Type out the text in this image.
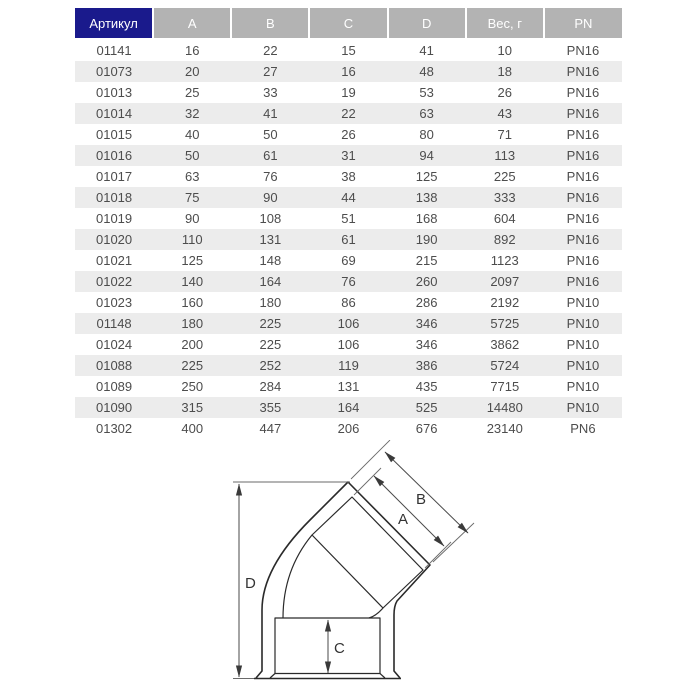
Артикул	A	B	C	D	Вес, г	PN
01141	16	22	15	41	10	PN16
01073	20	27	16	48	18	PN16
01013	25	33	19	53	26	PN16
01014	32	41	22	63	43	PN16
01015	40	50	26	80	71	PN16
01016	50	61	31	94	113	PN16
01017	63	76	38	125	225	PN16
01018	75	90	44	138	333	PN16
01019	90	108	51	168	604	PN16
01020	110	131	61	190	892	PN16
01021	125	148	69	215	1123	PN16
01022	140	164	76	260	2097	PN16
01023	160	180	86	286	2192	PN10
01148	180	225	106	346	5725	PN10
01024	200	225	106	346	3862	PN10
01088	225	252	119	386	5724	PN10
01089	250	284	131	435	7715	PN10
01090	315	355	164	525	14480	PN10
01302	400	447	206	676	23140	PN6
D
C
A
B
